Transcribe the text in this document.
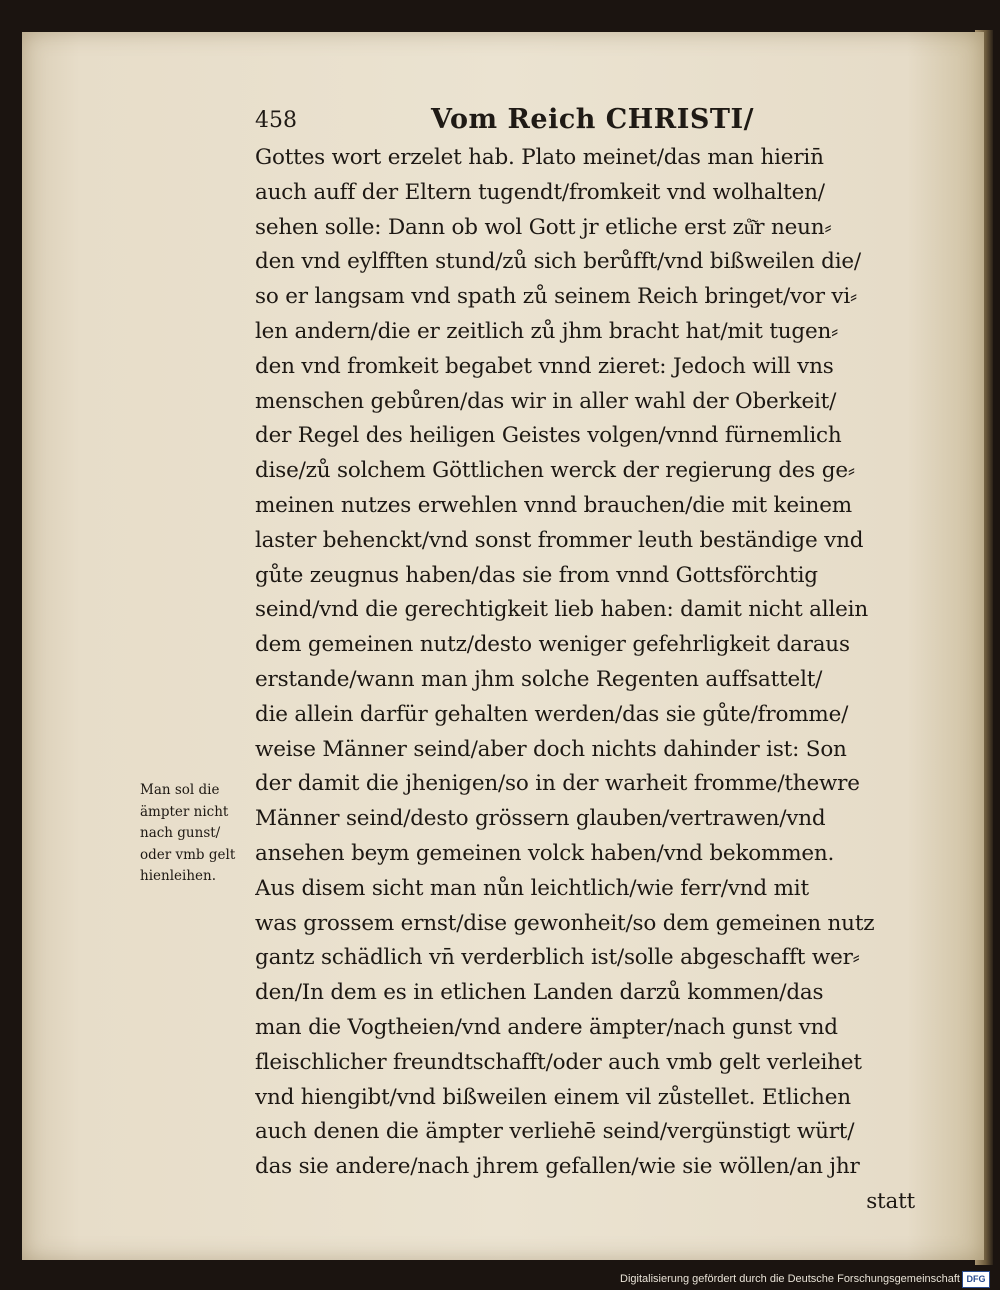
458	Vom Reich CHRISTI/
Gottes wort erzelet hab. Plato meinet/das man hierin̄
auch auff der Eltern tugendt/fromkeit vnd wolhalten/
sehen solle: Dann ob wol Gott jr etliche erst zů͂r neun⸗
den vnd eylfften stund/zů sich berůfft/vnd bißweilen die/
so er langsam vnd spath zů seinem Reich bringet/vor vi⸗
len andern/die er zeitlich zů jhm bracht hat/mit tugen⸗
den vnd fromkeit begabet vnnd zieret: Jedoch will vns
menschen gebůren/das wir in aller wahl der Oberkeit/
der Regel des heiligen Geistes volgen/vnnd fürnemlich
dise/zů solchem Göttlichen werck der regierung des ge⸗
meinen nutzes erwehlen vnnd brauchen/die mit keinem
laster behenckt/vnd sonst frommer leuth beständige vnd
gůte zeugnus haben/das sie from vnnd Gottsförchtig
seind/vnd die gerechtigkeit lieb haben: damit nicht allein
dem gemeinen nutz/desto weniger gefehrligkeit daraus
erstande/wann man jhm solche Regenten auffsattelt/
die allein darfür gehalten werden/das sie gůte/fromme/
weise Männer seind/aber doch nichts dahinder ist: Son
der damit die jhenigen/so in der warheit fromme/thewre
Männer seind/desto grössern glauben/vertrawen/vnd
ansehen beym gemeinen volck haben/vnd bekommen.
Aus disem sicht man nůn leichtlich/wie ferr/vnd mit
was grossem ernst/dise gewonheit/so dem gemeinen nutz
gantz schädlich vn̄ verderblich ist/solle abgeschafft wer⸗
den/In dem es in etlichen Landen darzů kommen/das
man die Vogtheien/vnd andere ämpter/nach gunst vnd
fleischlicher freundtschafft/oder auch vmb gelt verleihet
vnd hiengibt/vnd bißweilen einem vil zůstellet. Etlichen
auch denen die ämpter verliehē seind/vergünstigt würt/
das sie andere/nach jhrem gefallen/wie sie wöllen/an jhr
statt
Man sol die
ämpter nicht
nach gunst/
oder vmb gelt
hienleihen.
Digitalisierung gefördert durch die Deutsche Forschungsgemeinschaft DFG
